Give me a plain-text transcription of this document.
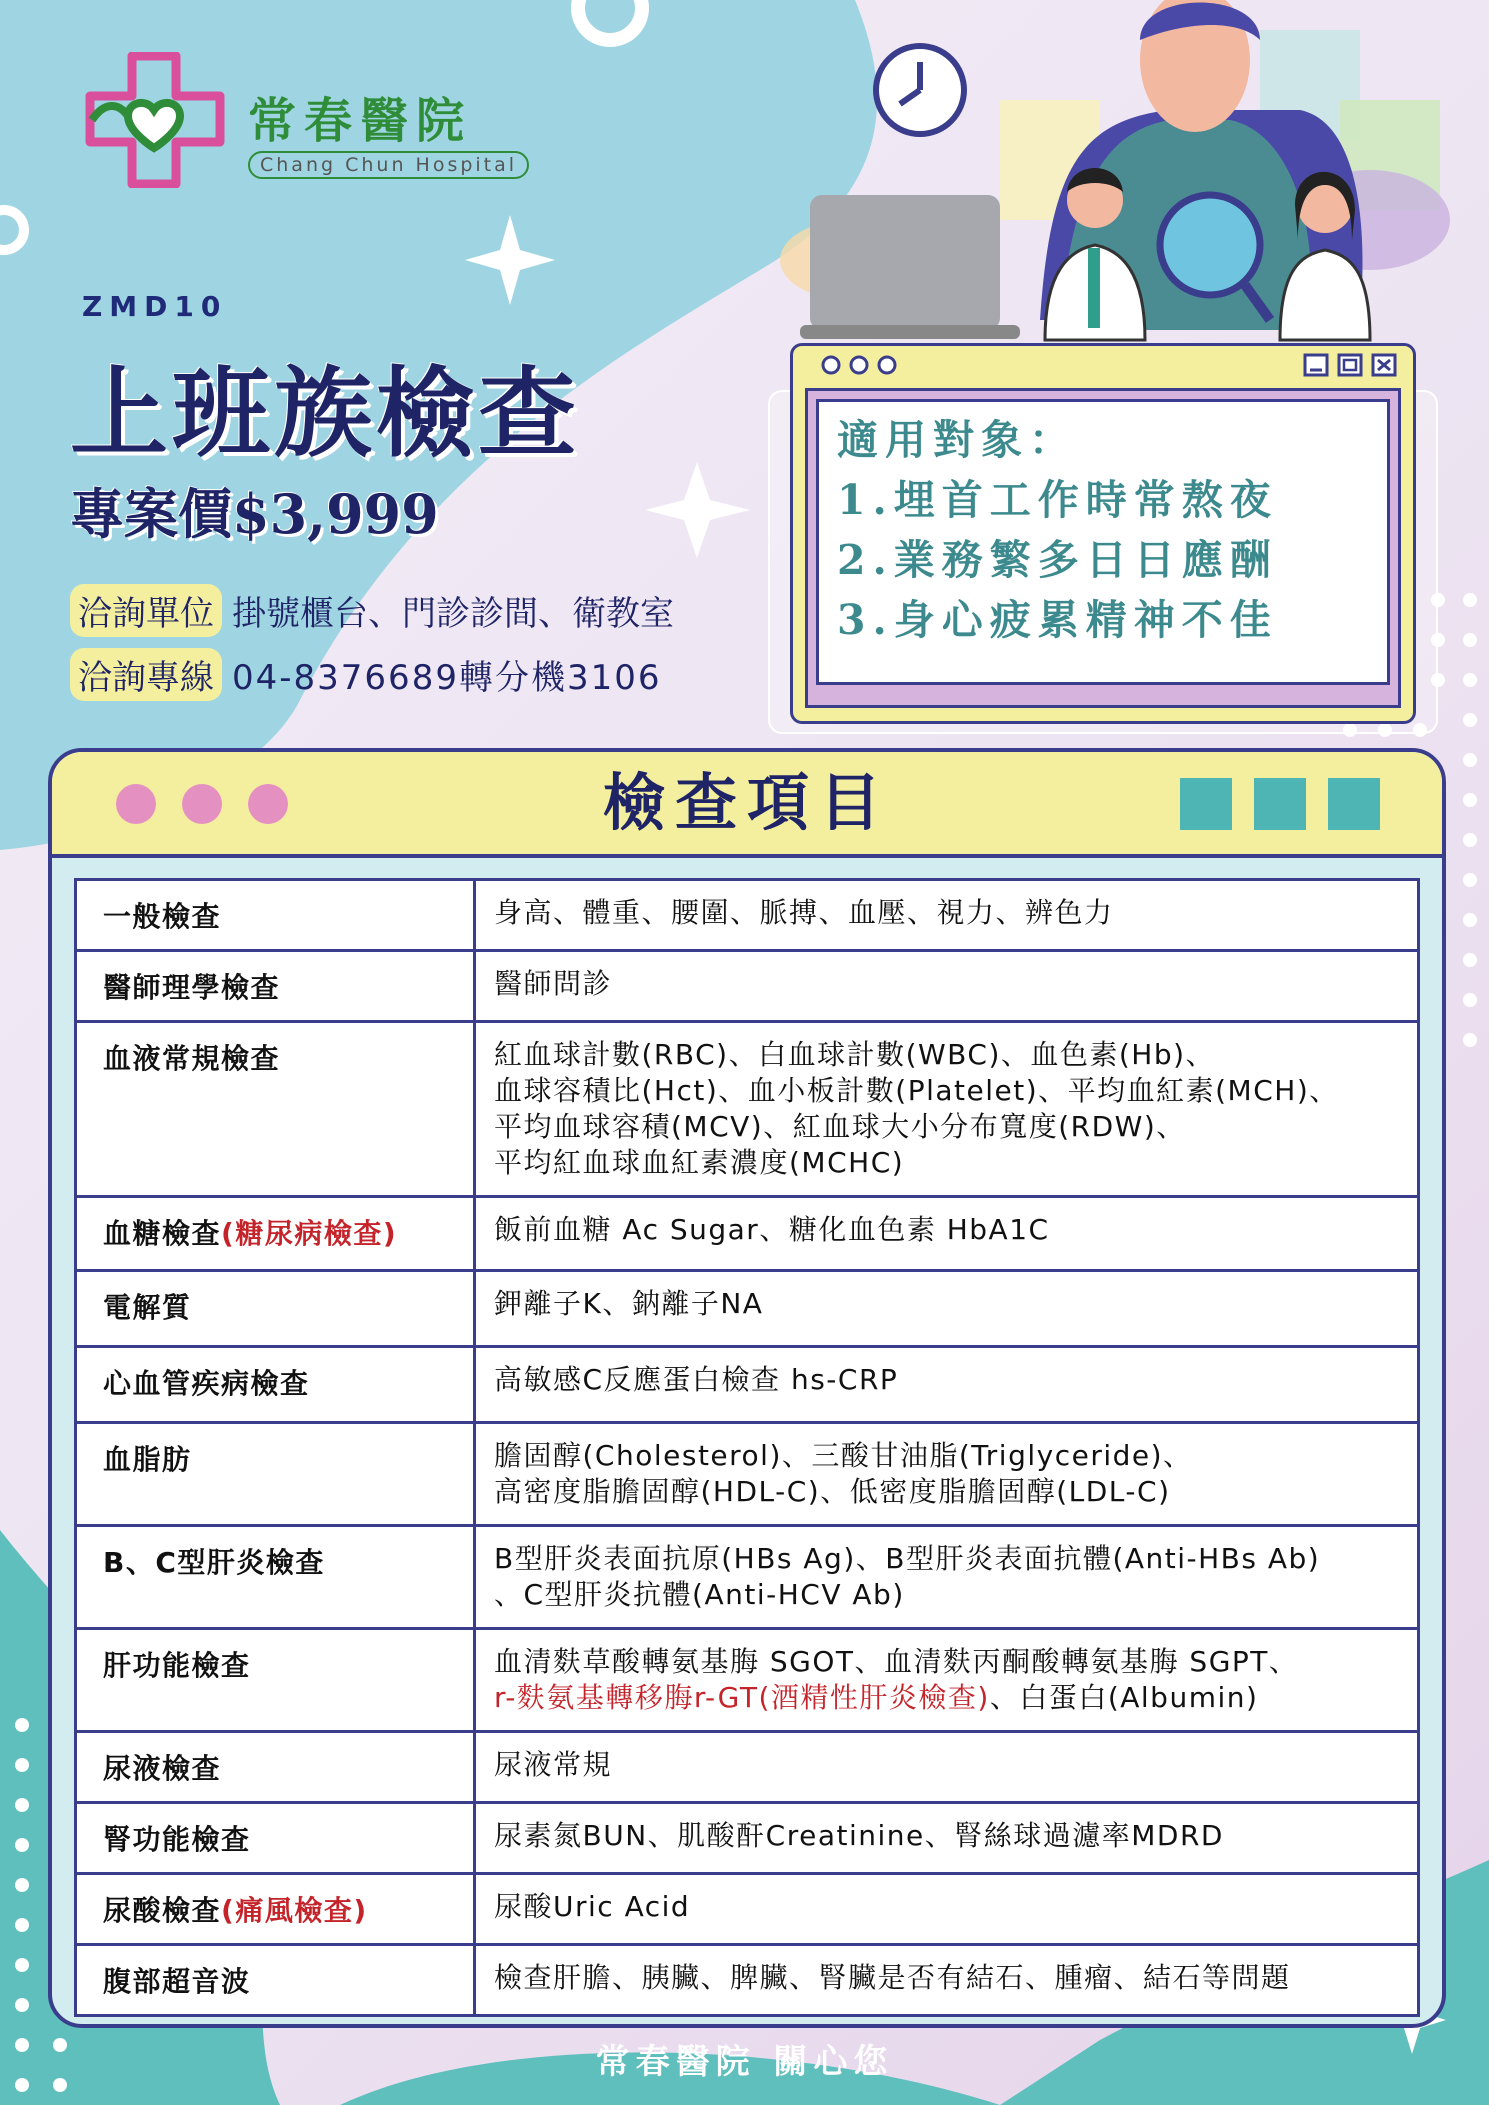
常春醫院
Chang Chun Hospital
ZMD10
上班族檢查
專案價$3,999
洽詢單位 掛號櫃台、門診診間、衛教室
洽詢專線 04-8376689轉分機3106
適用對象：
1.埋首工作時常熬夜
2.業務繁多日日應酬
3.身心疲累精神不佳
檢查項目
一般檢查	身高、體重、腰圍、脈搏、血壓、視力、辨色力
醫師理學檢查	醫師問診
血液常規檢查	紅血球計數(RBC)、白血球計數(WBC)、血色素(Hb)、
血球容積比(Hct)、血小板計數(Platelet)、平均血紅素(MCH)、
平均血球容積(MCV)、紅血球大小分布寬度(RDW)、
平均紅血球血紅素濃度(MCHC)

血糖檢查(糖尿病檢查)	飯前血糖 Ac Sugar、糖化血色素 HbA1C
電解質	鉀離子K、鈉離子NA
心血管疾病檢查	高敏感C反應蛋白檢查 hs-CRP
血脂肪	膽固醇(Cholesterol)、三酸甘油脂(Triglyceride)、
高密度脂膽固醇(HDL-C)、低密度脂膽固醇(LDL-C)

B、C型肝炎檢查	B型肝炎表面抗原(HBs Ag)、B型肝炎表面抗體(Anti-HBs Ab)
、C型肝炎抗體(Anti-HCV Ab)

肝功能檢查	血清麩草酸轉氨基脢 SGOT、血清麩丙酮酸轉氨基脢 SGPT、
r-麩氨基轉移脢r-GT(酒精性肝炎檢查)、白蛋白(Albumin)

尿液檢查	尿液常規
腎功能檢查	尿素氮BUN、肌酸酐Creatinine、腎絲球過濾率MDRD
尿酸檢查(痛風檢查)	尿酸Uric Acid
腹部超音波	檢查肝膽、胰臟、脾臟、腎臟是否有結石、腫瘤、結石等問題
常春醫院 關心您
